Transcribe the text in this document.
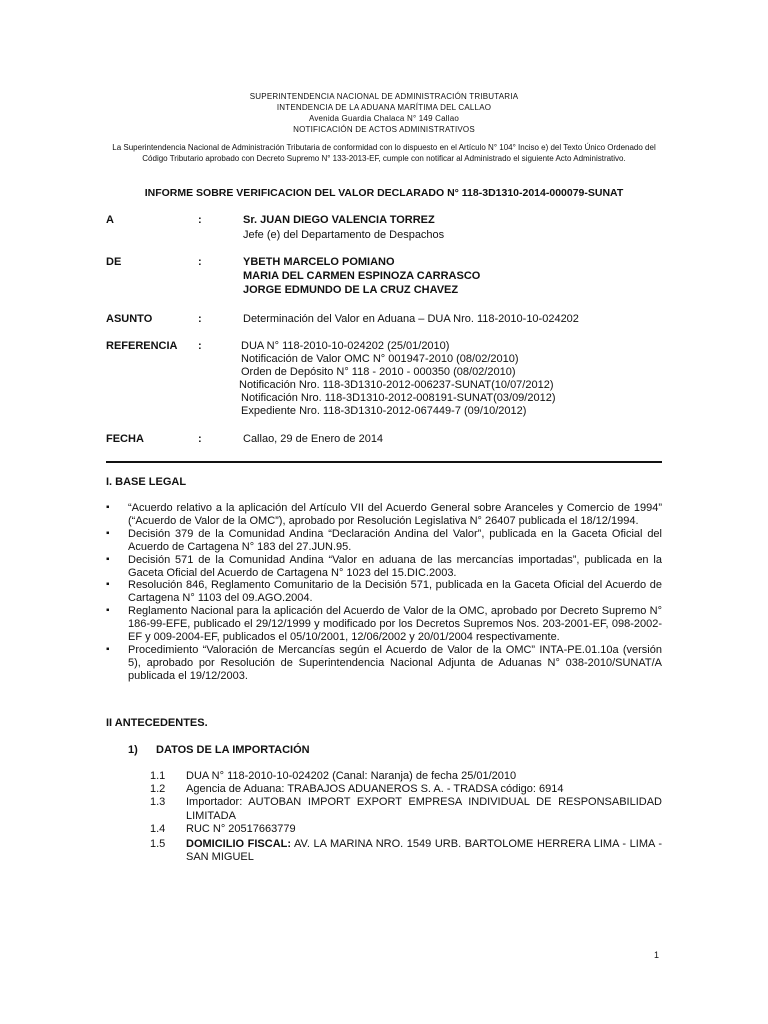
SUPERINTENDENCIA NACIONAL DE ADMINISTRACIÓN TRIBUTARIA
INTENDENCIA DE LA ADUANA MARÍTIMA DEL CALLAO
Avenida Guardia Chalaca N° 149 Callao
NOTIFICACIÓN DE ACTOS ADMINISTRATIVOS
La Superintendencia Nacional de Administración Tributaria de conformidad con lo dispuesto en el Artículo N° 104° Inciso e) del Texto Único Ordenado del Código Tributario aprobado con Decreto Supremo N° 133-2013-EF, cumple con notificar al Administrado el siguiente Acto Administrativo.
INFORME SOBRE VERIFICACION DEL VALOR DECLARADO N° 118-3D1310-2014-000079-SUNAT
A	:	Sr. JUAN DIEGO VALENCIA TORREZ
Jefe (e) del Departamento de Despachos
DE	:	YBETH MARCELO POMIANO
MARIA DEL CARMEN ESPINOZA CARRASCO
JORGE EDMUNDO DE LA CRUZ CHAVEZ
ASUNTO	:	Determinación del Valor en Aduana – DUA Nro. 118-2010-10-024202
REFERENCIA :	DUA N° 118-2010-10-024202 (25/01/2010)
Notificación de Valor OMC N° 001947-2010 (08/02/2010)
Orden de Depósito N° 118 - 2010 - 000350 (08/02/2010)
Notificación Nro. 118-3D1310-2012-006237-SUNAT(10/07/2012)
Notificación Nro. 118-3D1310-2012-008191-SUNAT(03/09/2012)
Expediente Nro. 118-3D1310-2012-067449-7 (09/10/2012)
FECHA	:	Callao, 29 de Enero de 2014
I. BASE LEGAL
▪ “Acuerdo relativo a la aplicación del Artículo VII del Acuerdo General sobre Aranceles y Comercio de 1994” (“Acuerdo de Valor de la OMC”), aprobado por Resolución Legislativa N° 26407 publicada el 18/12/1994.
▪ Decisión 379 de la Comunidad Andina “Declaración Andina del Valor”, publicada en la Gaceta Oficial del Acuerdo de Cartagena N° 183 del 27.JUN.95.
▪ Decisión 571 de la Comunidad Andina “Valor en aduana de las mercancías importadas”, publicada en la Gaceta Oficial del Acuerdo de Cartagena N° 1023 del 15.DIC.2003.
▪ Resolución 846, Reglamento Comunitario de la Decisión 571, publicada en la Gaceta Oficial del Acuerdo de Cartagena N° 1103 del 09.AGO.2004.
▪ Reglamento Nacional para la aplicación del Acuerdo de Valor de la OMC, aprobado por Decreto Supremo N° 186-99-EFE, publicado el 29/12/1999 y modificado por los Decretos Supremos Nos. 203-2001-EF, 098-2002-EF y 009-2004-EF, publicados el 05/10/2001, 12/06/2002 y 20/01/2004 respectivamente.
▪ Procedimiento “Valoración de Mercancías según el Acuerdo de Valor de la OMC” INTA-PE.01.10a (versión 5), aprobado por Resolución de Superintendencia Nacional Adjunta de Aduanas N° 038-2010/SUNAT/A publicada el 19/12/2003.
II ANTECEDENTES.
1) DATOS DE LA IMPORTACIÓN
1.1 DUA N° 118-2010-10-024202 (Canal: Naranja) de fecha 25/01/2010
1.2 Agencia de Aduana: TRABAJOS ADUANEROS S. A. - TRADSA código: 6914
1.3 Importador: AUTOBAN IMPORT EXPORT EMPRESA INDIVIDUAL DE RESPONSABILIDAD LIMITADA
1.4 RUC N° 20517663779
1.5 DOMICILIO FISCAL: AV. LA MARINA NRO. 1549 URB. BARTOLOME HERRERA LIMA - LIMA - SAN MIGUEL
1
